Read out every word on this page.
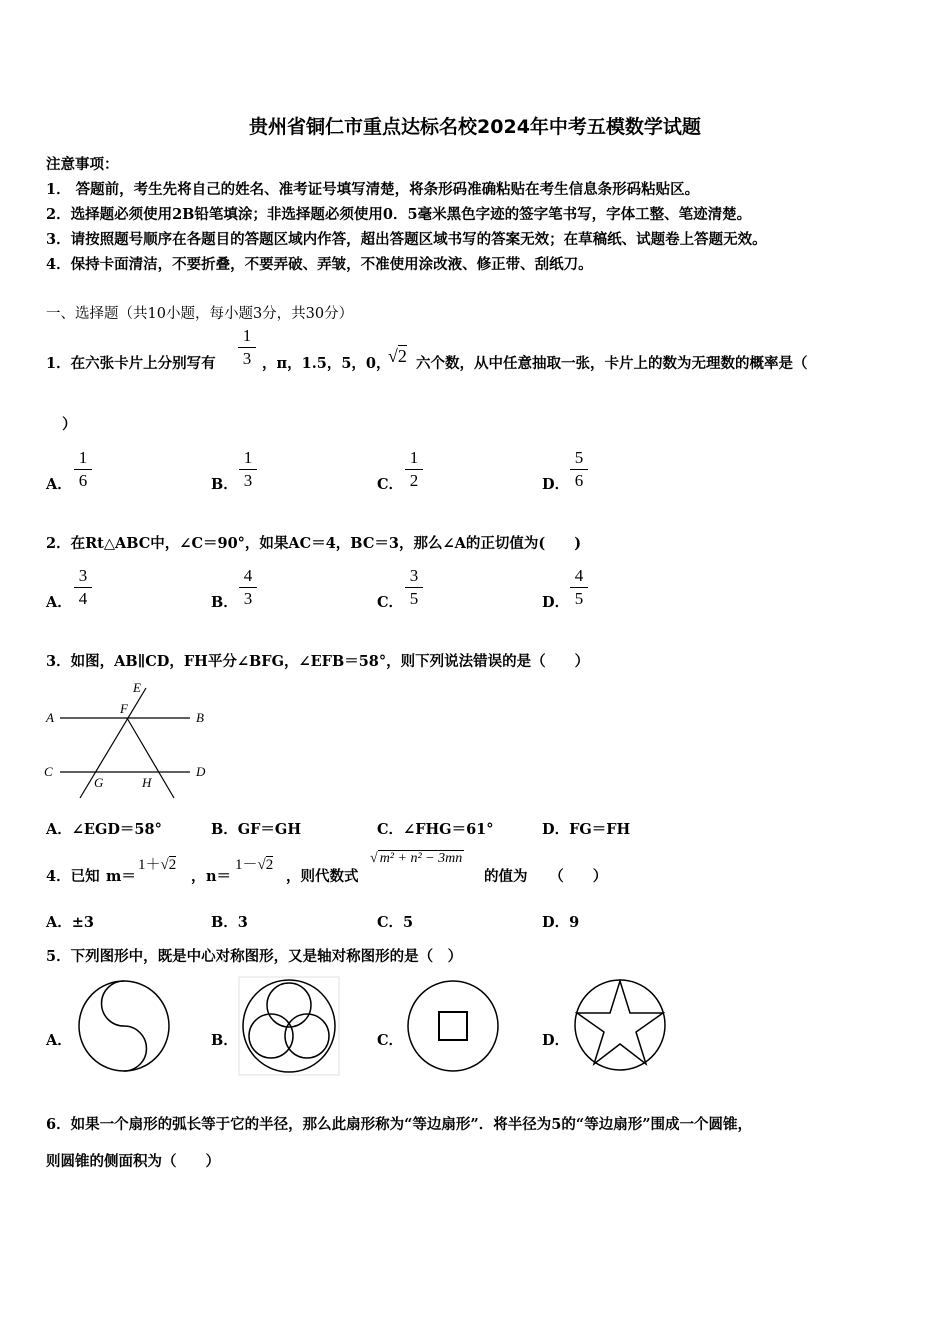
贵州省铜仁市重点达标名校2024年中考五模数学试题
注意事项：
1． 答题前，考生先将自己的姓名、准考证号填写清楚，将条形码准确粘贴在考生信息条形码粘贴区。
2．选择题必须使用2B铅笔填涂；非选择题必须使用0．5毫米黑色字迹的签字笔书写，字体工整、笔迹清楚。
3．请按照题号顺序在各题目的答题区域内作答，超出答题区域书写的答案无效；在草稿纸、试题卷上答题无效。
4．保持卡面清洁，不要折叠，不要弄破、弄皱，不准使用涂改液、修正带、刮纸刀。
一、选择题（共10小题，每小题3分，共30分）
1．在六张卡片上分别写有
1
3 ，π，1.5，5，0，
√2 六个数，从中任意抽取一张，卡片上的数为无理数的概率是（
）
A．
1
6	B．
1
3	C．
1
2	D．
5
6
2．在Rt△ABC中，∠C＝90°，如果AC＝4，BC＝3，那么∠A的正切值为(　　)
A．
3
4	B．
4
3	C．
3
5	D．
4
5
3．如图，AB∥CD，FH平分∠BFG，∠EFB＝58°，则下列说法错误的是（　　）
E
F
A	B
C	D
G	H
A．∠EGD＝58°	B．GF＝GH	C．∠FHG＝61°	D．FG＝FH
4．已知 m＝
1＋√2
， n＝
1－√2
，则代数式
√ m² + n² − 3mn
的值为　　（　　）
A．±3	B．3	C．5	D．9
5．下列图形中，既是中心对称图形，又是轴对称图形的是（　）
A．	B．	C．	D．
6．如果一个扇形的弧长等于它的半径，那么此扇形称为“等边扇形”．将半径为5的“等边扇形”围成一个圆锥，
则圆锥的侧面积为（　　）
